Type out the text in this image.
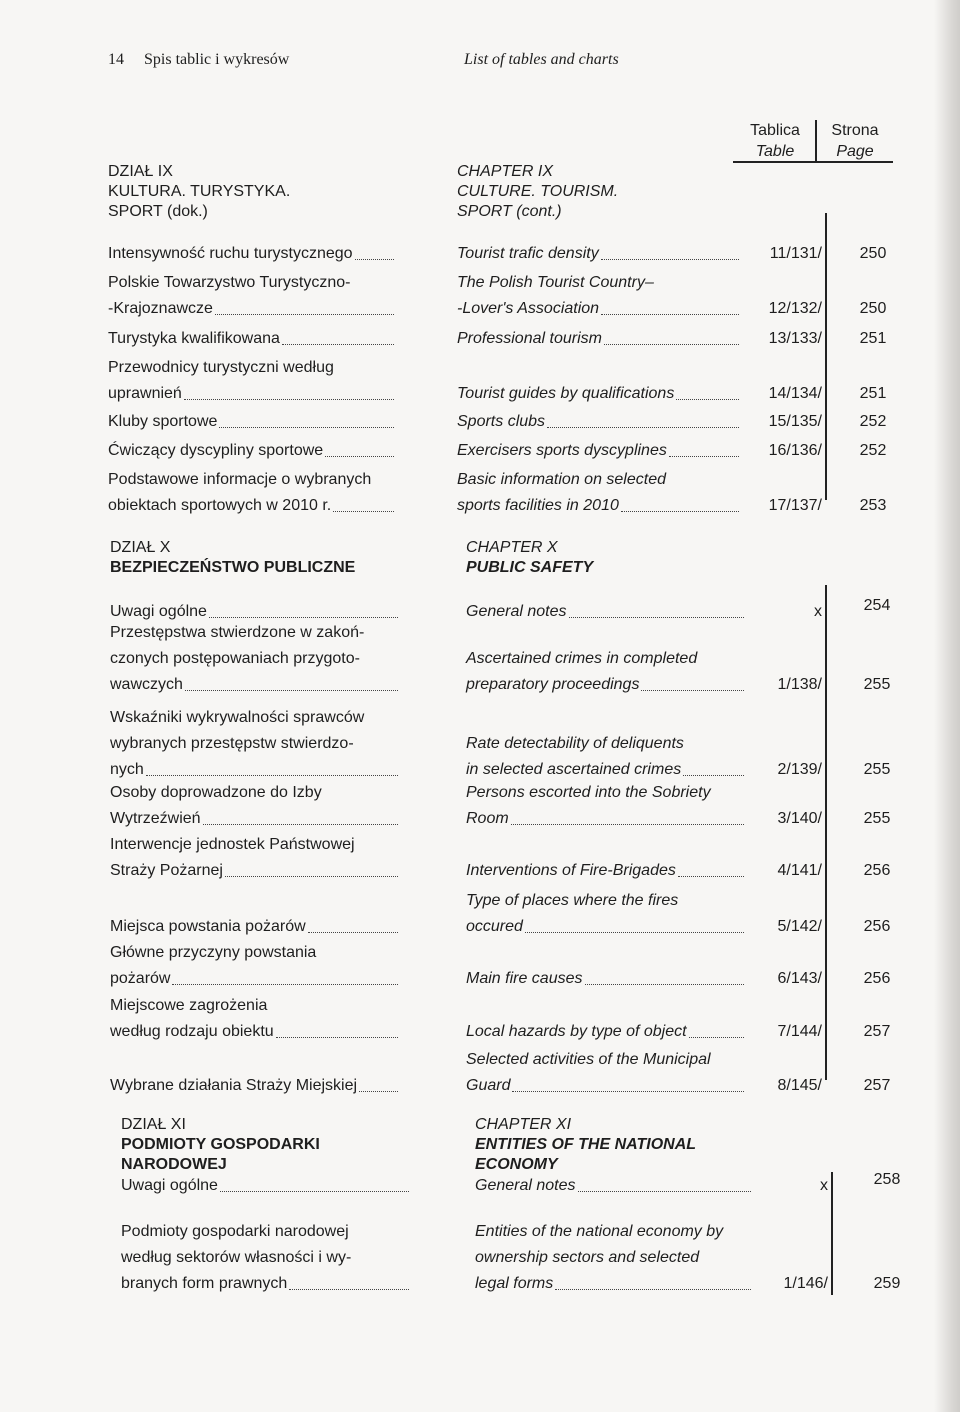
14 Spis tablic i wykresów	List of tables and charts
Tablica
Table
Strona
Page
DZIAŁ IX
KULTURA. TURYSTYKA.
SPORT (dok.)
CHAPTER IX
CULTURE. TOURISM.
SPORT (cont.)
Intensywność ruchu turystycznego	Tourist trafic density	11/131/	250
Polskie Towarzystwo Turystyczno-
-Krajoznawcze
The Polish Tourist Country–
-Lover's Association	12/132/	250
Turystyka kwalifikowana	Professional tourism	13/133/	251
Przewodnicy turystyczni według
uprawnień	Tourist guides by qualifications	14/134/	251
Kluby sportowe	Sports clubs	15/135/	252
Ćwiczący dyscypliny sportowe	Exercisers sports dyscyplines	16/136/	252
Podstawowe informacje o wybranych
obiektach sportowych w 2010 r.
Basic information on selected
sports facilities in 2010	17/137/	253
DZIAŁ X
BEZPIECZEŃSTWO PUBLICZNE
CHAPTER X
PUBLIC SAFETY
Uwagi ogólne	General notes	x	254
Przestępstwa stwierdzone w zakoń-
czonych postępowaniach przygoto-
wawczych
Ascertained crimes in completed
preparatory proceedings	1/138/	255
Wskaźniki wykrywalności sprawców
wybranych przestępstw stwierdzo-
nych
Rate detectability of deliquents
in selected ascertained crimes	2/139/	255
Osoby doprowadzone do Izby
Wytrzeźwień
Persons escorted into the Sobriety
Room	3/140/	255
Interwencje jednostek Państwowej
Straży Pożarnej	Interventions of Fire-Brigades	4/141/	256
Miejsca powstania pożarów
Type of places where the fires
occured	5/142/	256
Główne przyczyny powstania
pożarów	Main fire causes	6/143/	256
Miejscowe zagrożenia
według rodzaju obiektu	Local hazards by type of object	7/144/	257
Wybrane działania Straży Miejskiej
Selected activities of the Municipal
Guard	8/145/	257
DZIAŁ XI
PODMIOTY GOSPODARKI
NARODOWEJ
CHAPTER XI
ENTITIES OF THE NATIONAL
ECONOMY
Uwagi ogólne	General notes	x	258
Podmioty gospodarki narodowej
według sektorów własności i wy-
branych form prawnych
Entities of the national economy by
ownership sectors and selected
legal forms	1/146/	259
